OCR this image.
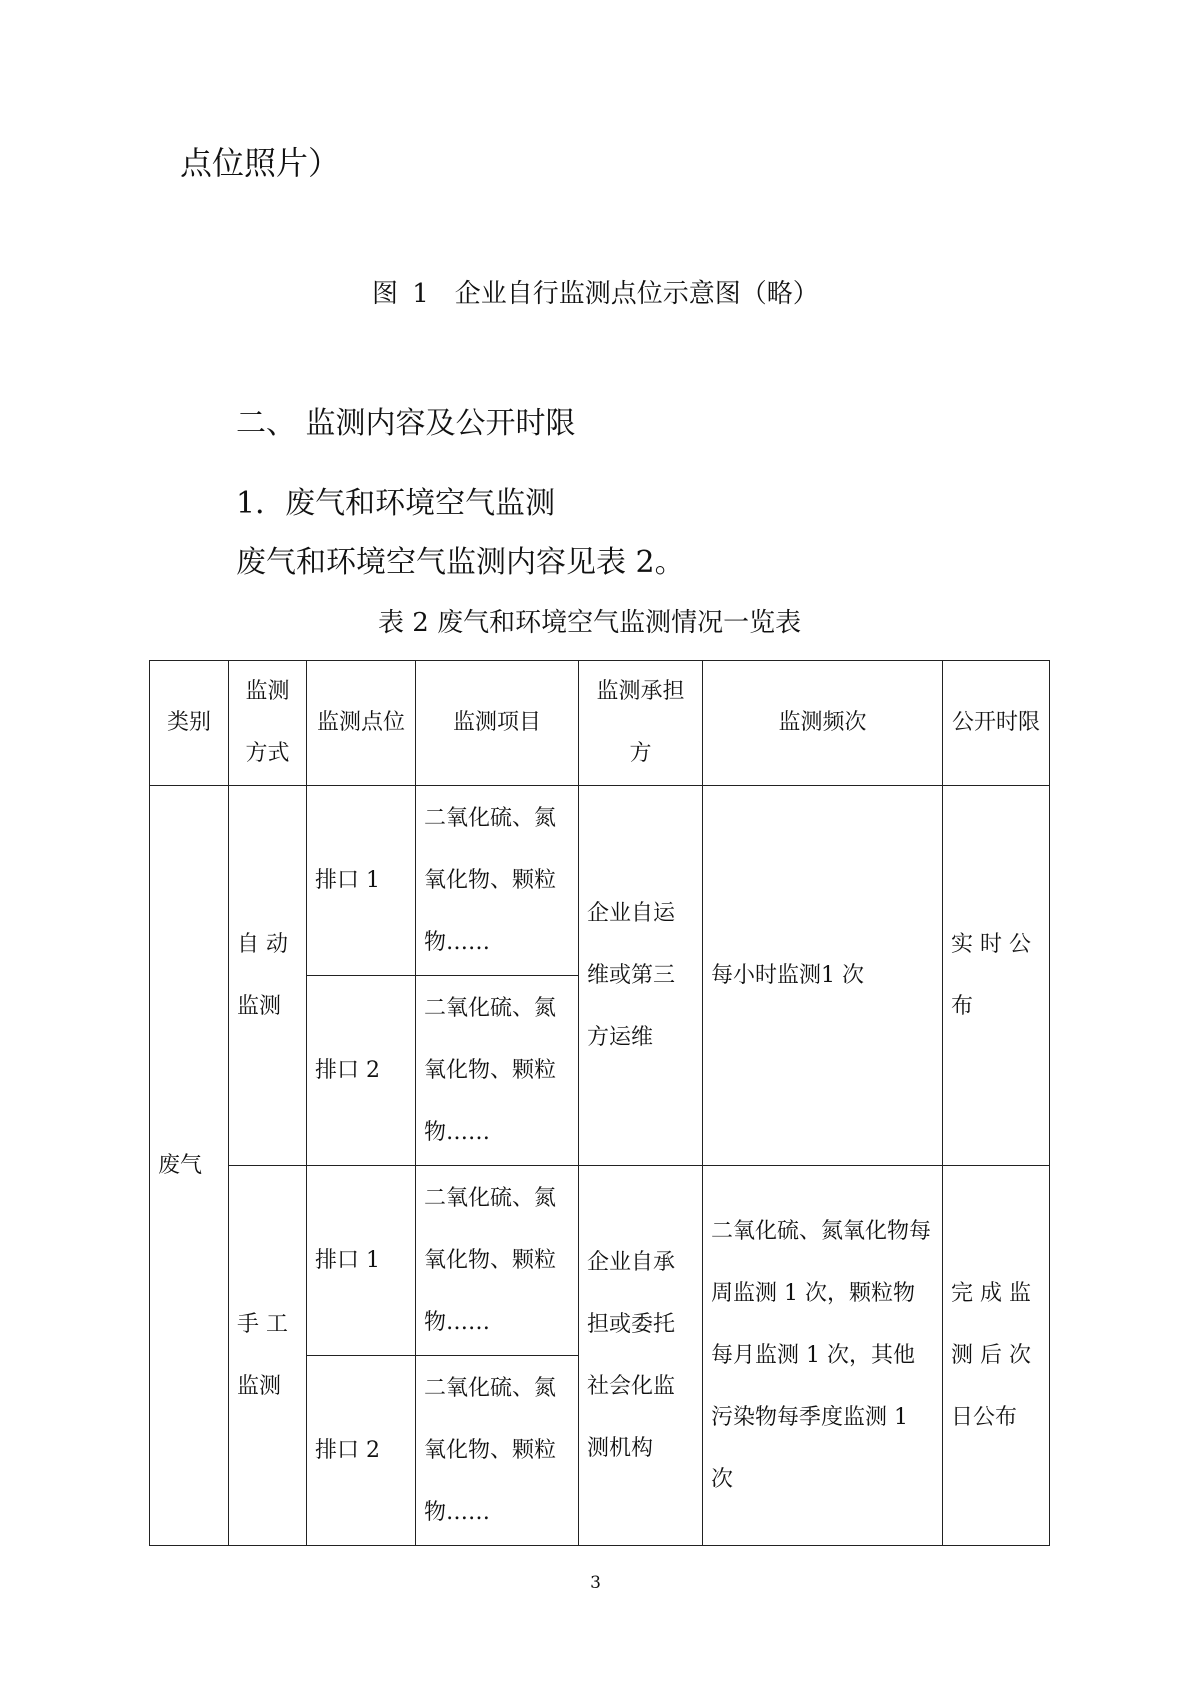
点位照片）
图 1　企业自行监测点位示意图（略）
二、 监测内容及公开时限
1．废气和环境空气监测
废气和环境空气监测内容见表 2。
表 2 废气和环境空气监测情况一览表
类别	监测方式	监测点位	监测项目	监测承担方	监测频次	公开时限
废气	自 动监测	排口 1	二氧化硫、氮氧化物、颗粒物……	企业自运维或第三方运维	每小时监测1 次	实 时 公布
		排口 2	二氧化硫、氮氧化物、颗粒物……			
	手 工监测	排口 1	二氧化硫、氮氧化物、颗粒物……	企业自承担或委托社会化监测机构	二氧化硫、氮氧化物每周监测 1 次，颗粒物每月监测 1 次，其他污染物每季度监测 1 次	完 成 监测 后 次日公布
		排口 2	二氧化硫、氮氧化物、颗粒物……			
3
